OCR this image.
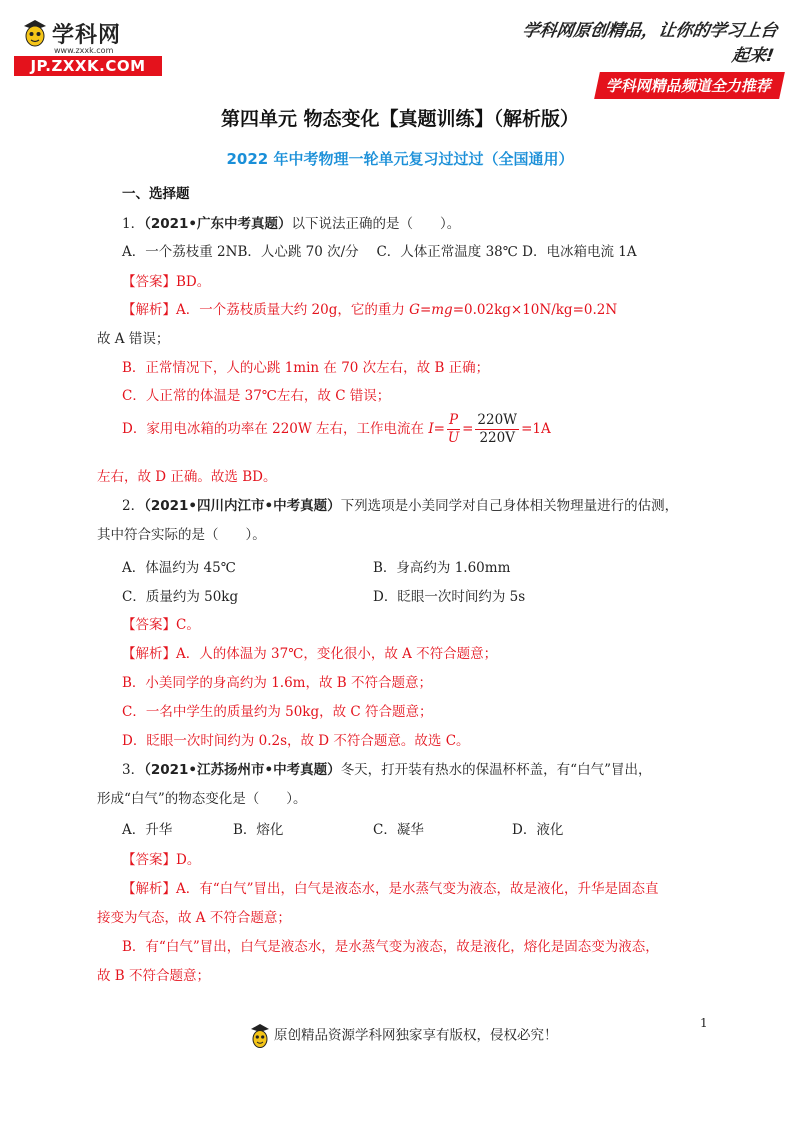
学科网
www.zxxk.com
JP.ZXXK.COM
学科网原创精品，让你的学习上台起来!
学科网精品频道全力推荐
第四单元 物态变化【真题训练】（解析版）
2022 年中考物理一轮单元复习过过过（全国通用）
一、选择题
1．（2021•广东中考真题）以下说法正确的是（　　）。
A．一个荔枝重 2NB．人心跳 70 次/分　 C．人体正常温度 38℃ D．电冰箱电流 1A
【答案】BD。
【解析】A．一个荔枝质量大约 20g，它的重力 G=mg=0.02kg×10N/kg=0.2N
故 A 错误；
B．正常情况下，人的心跳 1min 在 70 次左右，故 B 正确；
C．人正常的体温是 37℃左右，故 C 错误；
D．家用电冰箱的功率在 220W 左右，工作电流在 $I= \frac{P}{U} = \frac{220W}{220V} =1A$
左右，故 D 正确。故选 BD。
2．（2021•四川内江市•中考真题）下列选项是小美同学对自己身体相关物理量进行的估测，
其中符合实际的是（　　）。
A．体温约为 45℃	B．身高约为 1.60mm
C．质量约为 50kg	D．眨眼一次时间约为 5s
【答案】C。
【解析】A．人的体温为 37℃，变化很小，故 A 不符合题意；
B．小美同学的身高约为 1.6m，故 B 不符合题意；
C．一名中学生的质量约为 50kg，故 C 符合题意；
D．眨眼一次时间约为 0.2s，故 D 不符合题意。故选 C。
3．（2021•江苏扬州市•中考真题）冬天，打开装有热水的保温杯杯盖，有“白气”冒出，
形成“白气”的物态变化是（　　）。
A．升华	B．熔化	C．凝华	D．液化
【答案】D。
【解析】A．有“白气”冒出，白气是液态水，是水蒸气变为液态，故是液化，升华是固态直
接变为气态，故 A 不符合题意；
B．有“白气”冒出，白气是液态水，是水蒸气变为液态，故是液化，熔化是固态变为液态，
故 B 不符合题意；
1
原创精品资源学科网独家享有版权，侵权必究！
